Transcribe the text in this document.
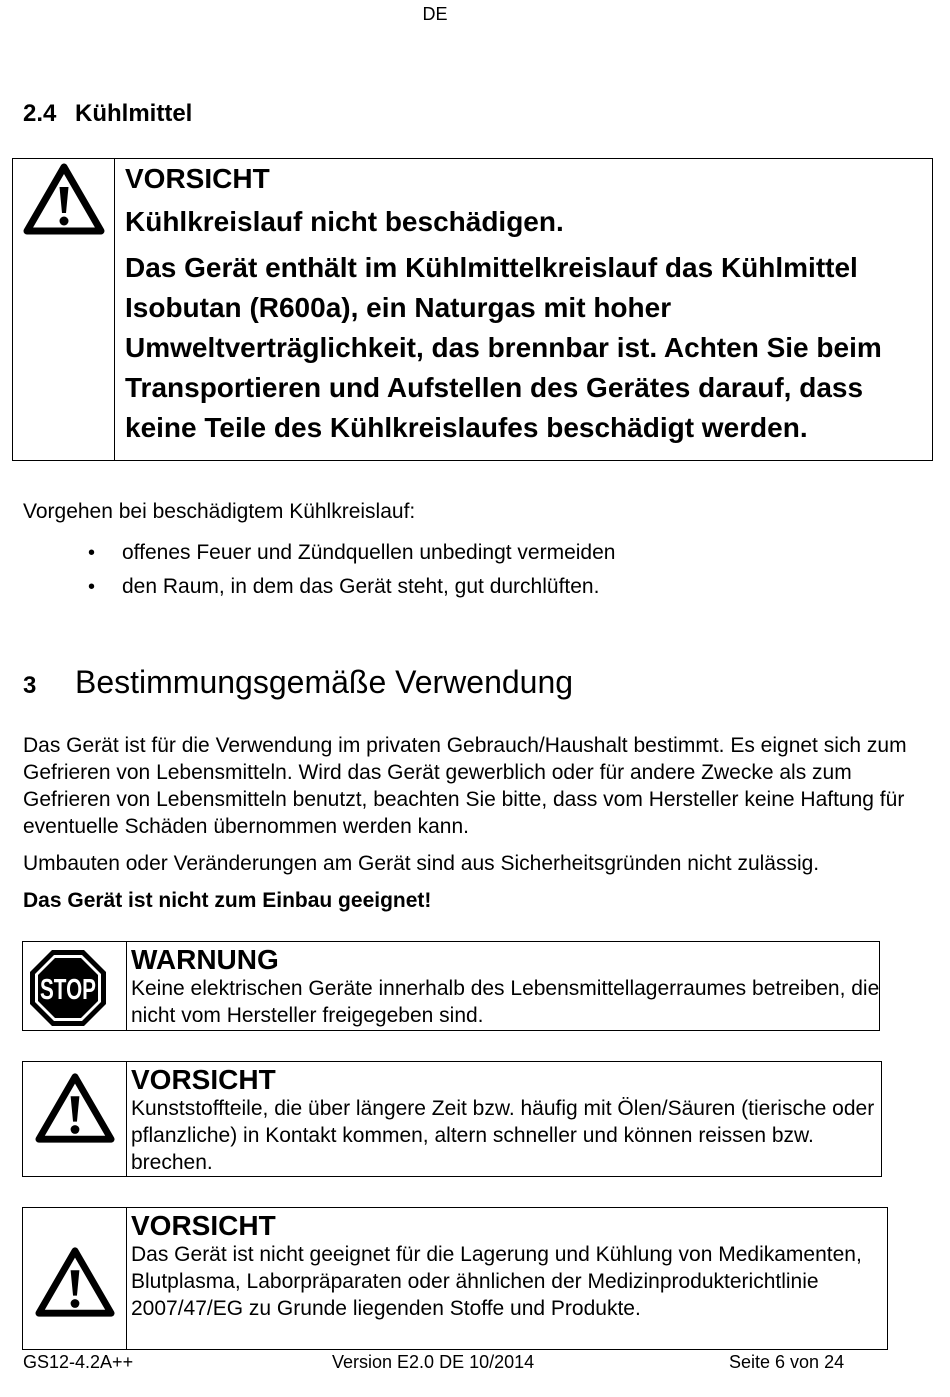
DE
2.4 Kühlmittel

VORSICHT

Kühlkreislauf nicht beschädigen.

Das Gerät enthält im Kühlmittelkreislauf das Kühlmittel Isobutan (R600a), ein Naturgas mit hoher Umweltverträglichkeit, das brennbar ist. Achten Sie beim Transportieren und Aufstellen des Gerätes darauf, dass keine Teile des Kühlkreislaufes beschädigt werden.

Vorgehen bei beschädigtem Kühlkreislauf:
• offenes Feuer und Zündquellen unbedingt vermeiden
• den Raum, in dem das Gerät steht, gut durchlüften.
3 Bestimmungsgemäße Verwendung
Das Gerät ist für die Verwendung im privaten Gebrauch/Haushalt bestimmt. Es eignet sich zum Gefrieren von Lebensmitteln. Wird das Gerät gewerblich oder für andere Zwecke als zum Gefrieren von Lebensmitteln benutzt, beachten Sie bitte, dass vom Hersteller keine Haftung für eventuelle Schäden übernommen werden kann.
Umbauten oder Veränderungen am Gerät sind aus Sicherheitsgründen nicht zulässig.
Das Gerät ist nicht zum Einbau geeignet!
STOP
WARNUNG
Keine elektrischen Geräte innerhalb des Lebensmittellagerraumes betreiben, die nicht vom Hersteller freigegeben sind.
VORSICHT
Kunststoffteile, die über längere Zeit bzw. häufig mit Ölen/Säuren (tierische oder pflanzliche) in Kontakt kommen, altern schneller und können reissen bzw. brechen.
VORSICHT
Das Gerät ist nicht geeignet für die Lagerung und Kühlung von Medikamenten, Blutplasma, Laborpräparaten oder ähnlichen der Medizinprodukterichtlinie 2007/47/EG zu Grunde liegenden Stoffe und Produkte.
GS12-4.2A++	Version E2.0 DE 10/2014	Seite 6 von 24
